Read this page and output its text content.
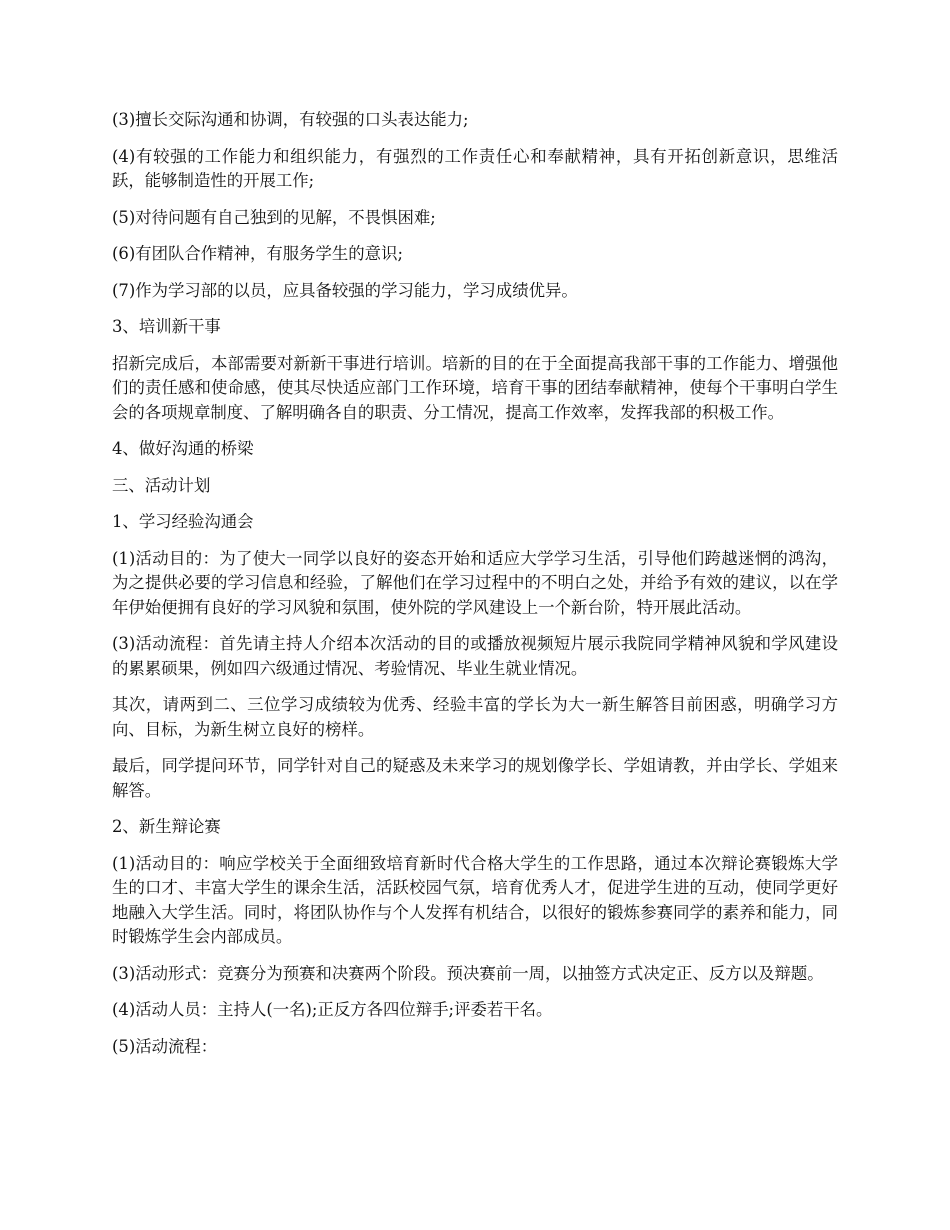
(3)擅长交际沟通和协调，有较强的口头表达能力;

(4)有较强的工作能力和组织能力，有强烈的工作责任心和奉献精神，具有开拓创新意识，思维活跃，能够制造性的开展工作;

(5)对待问题有自己独到的见解，不畏惧困难;

(6)有团队合作精神，有服务学生的意识;

(7)作为学习部的以员，应具备较强的学习能力，学习成绩优异。

3、培训新干事

招新完成后，本部需要对新新干事进行培训。培新的目的在于全面提高我部干事的工作能力、增强他们的责任感和使命感，使其尽快适应部门工作环境，培育干事的团结奉献精神，使每个干事明白学生会的各项规章制度、了解明确各自的职责、分工情况，提高工作效率，发挥我部的积极工作。

4、做好沟通的桥梁

三、活动计划

1、学习经验沟通会

(1)活动目的：为了使大一同学以良好的姿态开始和适应大学学习生活，引导他们跨越迷惘的鸿沟，为之提供必要的学习信息和经验，了解他们在学习过程中的不明白之处，并给予有效的建议，以在学年伊始便拥有良好的学习风貌和氛围，使外院的学风建设上一个新台阶，特开展此活动。

(3)活动流程：首先请主持人介绍本次活动的目的或播放视频短片展示我院同学精神风貌和学风建设的累累硕果，例如四六级通过情况、考验情况、毕业生就业情况。

其次，请两到二、三位学习成绩较为优秀、经验丰富的学长为大一新生解答目前困惑，明确学习方向、目标，为新生树立良好的榜样。

最后，同学提问环节，同学针对自己的疑惑及未来学习的规划像学长、学姐请教，并由学长、学姐来解答。

2、新生辩论赛

(1)活动目的：响应学校关于全面细致培育新时代合格大学生的工作思路，通过本次辩论赛锻炼大学生的口才、丰富大学生的课余生活，活跃校园气氛，培育优秀人才，促进学生进的互动，使同学更好地融入大学生活。同时，将团队协作与个人发挥有机结合，以很好的锻炼参赛同学的素养和能力，同时锻炼学生会内部成员。

(3)活动形式：竞赛分为预赛和决赛两个阶段。预决赛前一周，以抽签方式决定正、反方以及辩题。

(4)活动人员：主持人(一名);正反方各四位辩手;评委若干名。

(5)活动流程：
